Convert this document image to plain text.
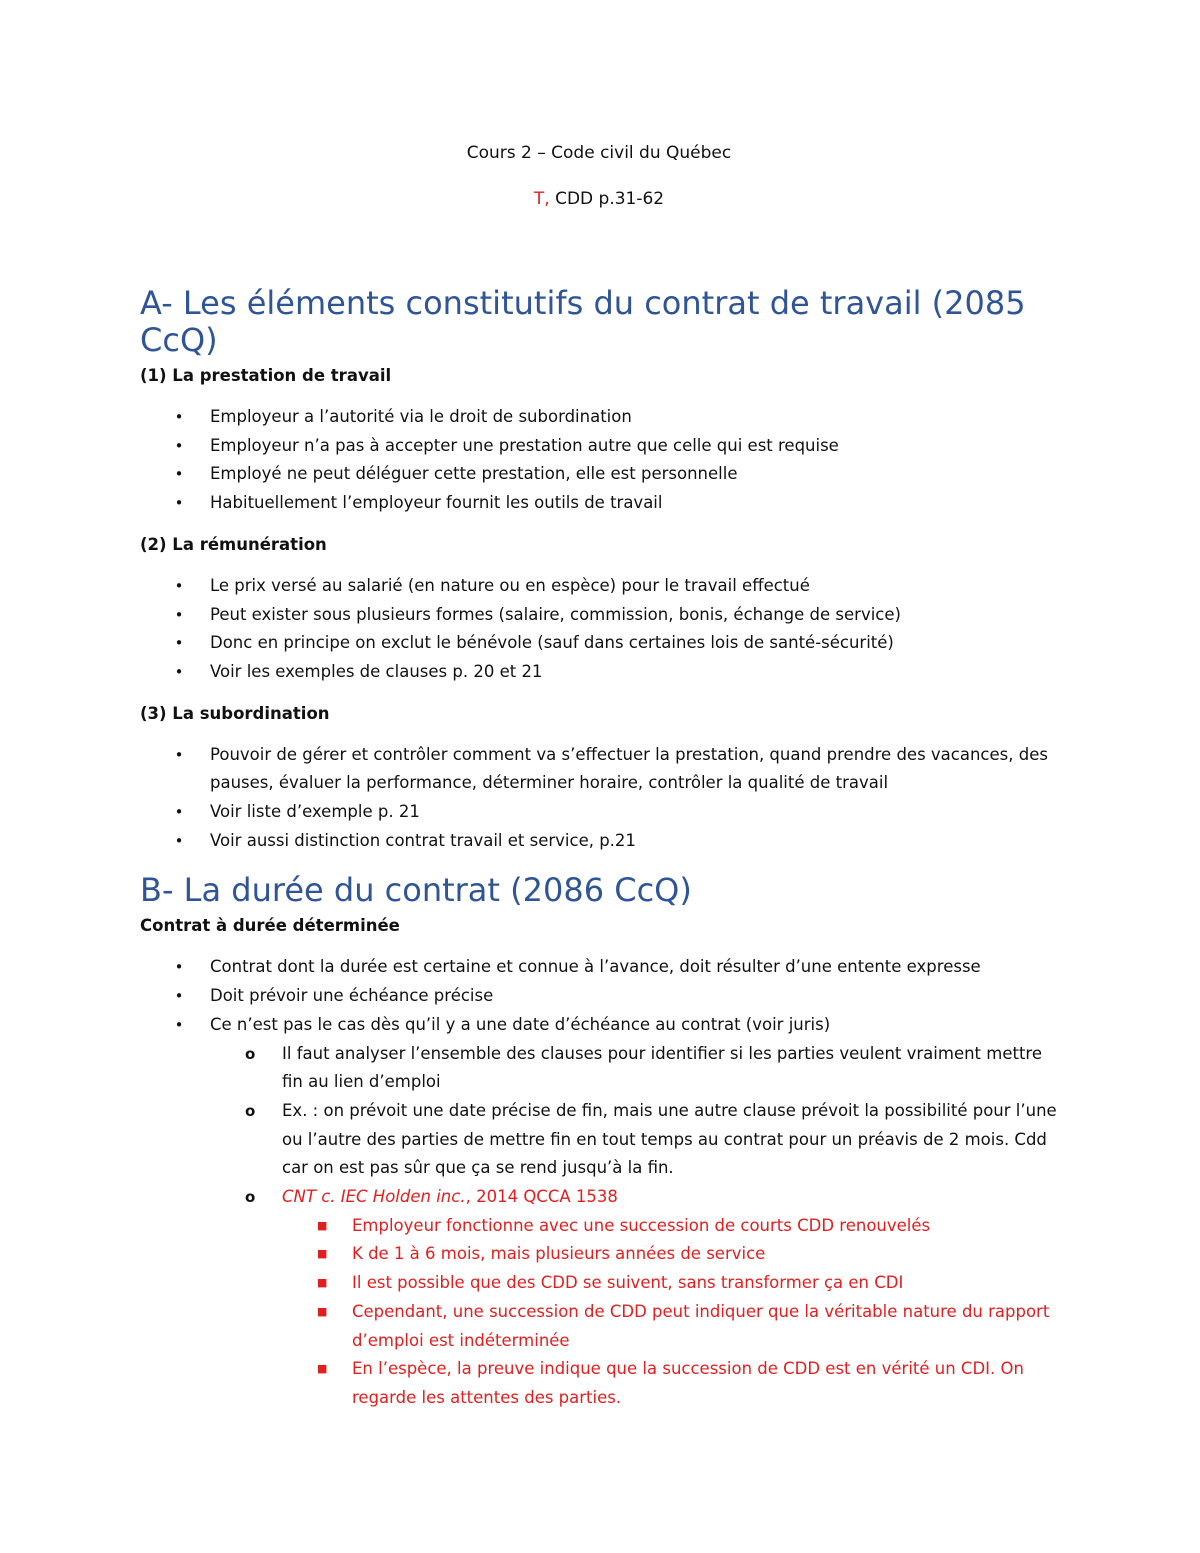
Cours 2 – Code civil du Québec

T, CDD p.31-62

A- Les éléments constitutifs du contrat de travail (2085 CcQ)

(1) La prestation de travail

• Employeur a l’autorité via le droit de subordination
• Employeur n’a pas à accepter une prestation autre que celle qui est requise
• Employé ne peut déléguer cette prestation, elle est personnelle
• Habituellement l’employeur fournit les outils de travail

(2) La rémunération

• Le prix versé au salarié (en nature ou en espèce) pour le travail effectué
• Peut exister sous plusieurs formes (salaire, commission, bonis, échange de service)
• Donc en principe on exclut le bénévole (sauf dans certaines lois de santé-sécurité)
• Voir les exemples de clauses p. 20 et 21

(3) La subordination

• Pouvoir de gérer et contrôler comment va s’effectuer la prestation, quand prendre des vacances, des pauses, évaluer la performance, déterminer horaire, contrôler la qualité de travail
• Voir liste d’exemple p. 21
• Voir aussi distinction contrat travail et service, p.21
B- La durée du contrat (2086 CcQ)

Contrat à durée déterminée

• Contrat dont la durée est certaine et connue à l’avance, doit résulter d’une entente expresse
• Doit prévoir une échéance précise
• Ce n’est pas le cas dès qu’il y a une date d’échéance au contrat (voir juris)
o Il faut analyser l’ensemble des clauses pour identifier si les parties veulent vraiment mettre fin au lien d’emploi
o Ex. : on prévoit une date précise de fin, mais une autre clause prévoit la possibilité pour l’une ou l’autre des parties de mettre fin en tout temps au contrat pour un préavis de 2 mois. Cdd car on est pas sûr que ça se rend jusqu’à la fin.
o CNT c. IEC Holden inc., 2014 QCCA 1538
■ Employeur fonctionne avec une succession de courts CDD renouvelés
■ K de 1 à 6 mois, mais plusieurs années de service
■ Il est possible que des CDD se suivent, sans transformer ça en CDI
■ Cependant, une succession de CDD peut indiquer que la véritable nature du rapport d’emploi est indéterminée
■ En l’espèce, la preuve indique que la succession de CDD est en vérité un CDI. On regarde les attentes des parties.
